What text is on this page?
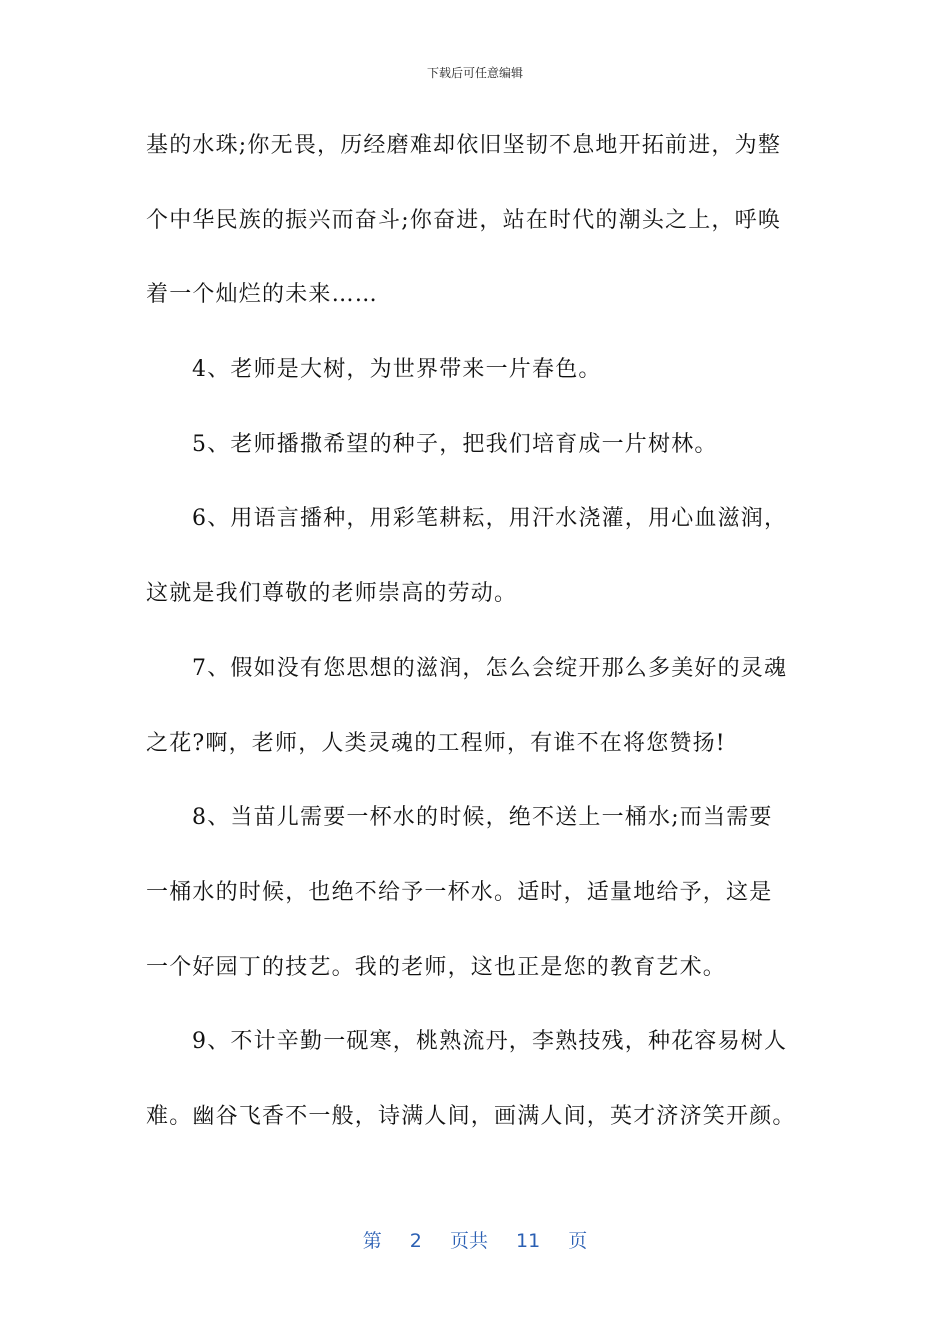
下载后可任意编辑
基的水珠;你无畏，历经磨难却依旧坚韧不息地开拓前进，为整
个中华民族的振兴而奋斗;你奋进，站在时代的潮头之上，呼唤
着一个灿烂的未来……
4、老师是大树，为世界带来一片春色。
5、老师播撒希望的种子，把我们培育成一片树林。
6、用语言播种，用彩笔耕耘，用汗水浇灌，用心血滋润，
这就是我们尊敬的老师崇高的劳动。
7、假如没有您思想的滋润，怎么会绽开那么多美好的灵魂
之花?啊，老师，人类灵魂的工程师，有谁不在将您赞扬!
8、当苗儿需要一杯水的时候，绝不送上一桶水;而当需要
一桶水的时候，也绝不给予一杯水。适时，适量地给予，这是
一个好园丁的技艺。我的老师，这也正是您的教育艺术。
9、不计辛勤一砚寒，桃熟流丹，李熟技残，种花容易树人
难。幽谷飞香不一般，诗满人间，画满人间，英才济济笑开颜。
第 2 页共 11 页
